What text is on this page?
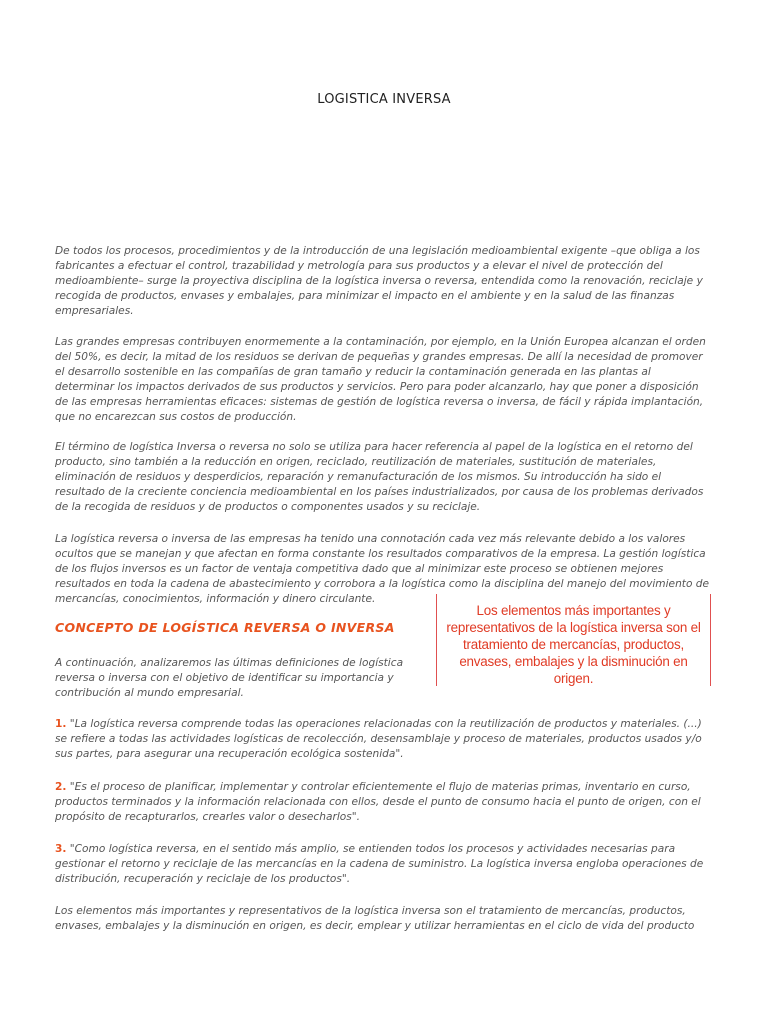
LOGISTICA INVERSA
De todos los procesos, procedimientos y de la introducción de una legislación medioambiental exigente –que obliga a los fabricantes a efectuar el control, trazabilidad y metrología para sus productos y a elevar el nivel de protección del medioambiente– surge la proyectiva disciplina de la logística inversa o reversa, entendida como la renovación, reciclaje y recogida de productos, envases y embalajes, para minimizar el impacto en el ambiente y en la salud de las finanzas empresariales.
Las grandes empresas contribuyen enormemente a la contaminación, por ejemplo, en la Unión Europea alcanzan el orden del 50%, es decir, la mitad de los residuos se derivan de pequeñas y grandes empresas. De allí la necesidad de promover el desarrollo sostenible en las compañías de gran tamaño y reducir la contaminación generada en las plantas al determinar los impactos derivados de sus productos y servicios. Pero para poder alcanzarlo, hay que poner a disposición de las empresas herramientas eficaces: sistemas de gestión de logística reversa o inversa, de fácil y rápida implantación, que no encarezcan sus costos de producción.
El término de logística Inversa o reversa no solo se utiliza para hacer referencia al papel de la logística en el retorno del producto, sino también a la reducción en origen, reciclado, reutilización de materiales, sustitución de materiales, eliminación de residuos y desperdicios, reparación y remanufacturación de los mismos. Su introducción ha sido el resultado de la creciente conciencia medioambiental en los países industrializados, por causa de los problemas derivados de la recogida de residuos y de productos o componentes usados y su reciclaje.
La logística reversa o inversa de las empresas ha tenido una connotación cada vez más relevante debido a los valores ocultos que se manejan y que afectan en forma constante los resultados comparativos de la empresa. La gestión logística de los flujos inversos es un factor de ventaja competitiva dado que al minimizar este proceso se obtienen mejores resultados en toda la cadena de abastecimiento y corrobora a la logística como la disciplina del manejo del movimiento de mercancías, conocimientos, información y dinero circulante.
CONCEPTO DE LOGÍSTICA REVERSA O INVERSA
A continuación, analizaremos las últimas definiciones de logística reversa o inversa con el objetivo de identificar su importancia y contribución al mundo empresarial.
Los elementos más importantes y representativos de la logística inversa son el tratamiento de mercancías, productos, envases, embalajes y la disminución en origen.
1. "La logística reversa comprende todas las operaciones relacionadas con la reutilización de productos y materiales. (...) se refiere a todas las actividades logísticas de recolección, desensamblaje y proceso de materiales, productos usados y/o sus partes, para asegurar una recuperación ecológica sostenida".
2. "Es el proceso de planificar, implementar y controlar eficientemente el flujo de materias primas, inventario en curso, productos terminados y la información relacionada con ellos, desde el punto de consumo hacia el punto de origen, con el propósito de recapturarlos, crearles valor o desecharlos".
3. "Como logística reversa, en el sentido más amplio, se entienden todos los procesos y actividades necesarias para gestionar el retorno y reciclaje de las mercancías en la cadena de suministro. La logística inversa engloba operaciones de distribución, recuperación y reciclaje de los productos".
Los elementos más importantes y representativos de la logística inversa son el tratamiento de mercancías, productos, envases, embalajes y la disminución en origen, es decir, emplear y utilizar herramientas en el ciclo de vida del producto
